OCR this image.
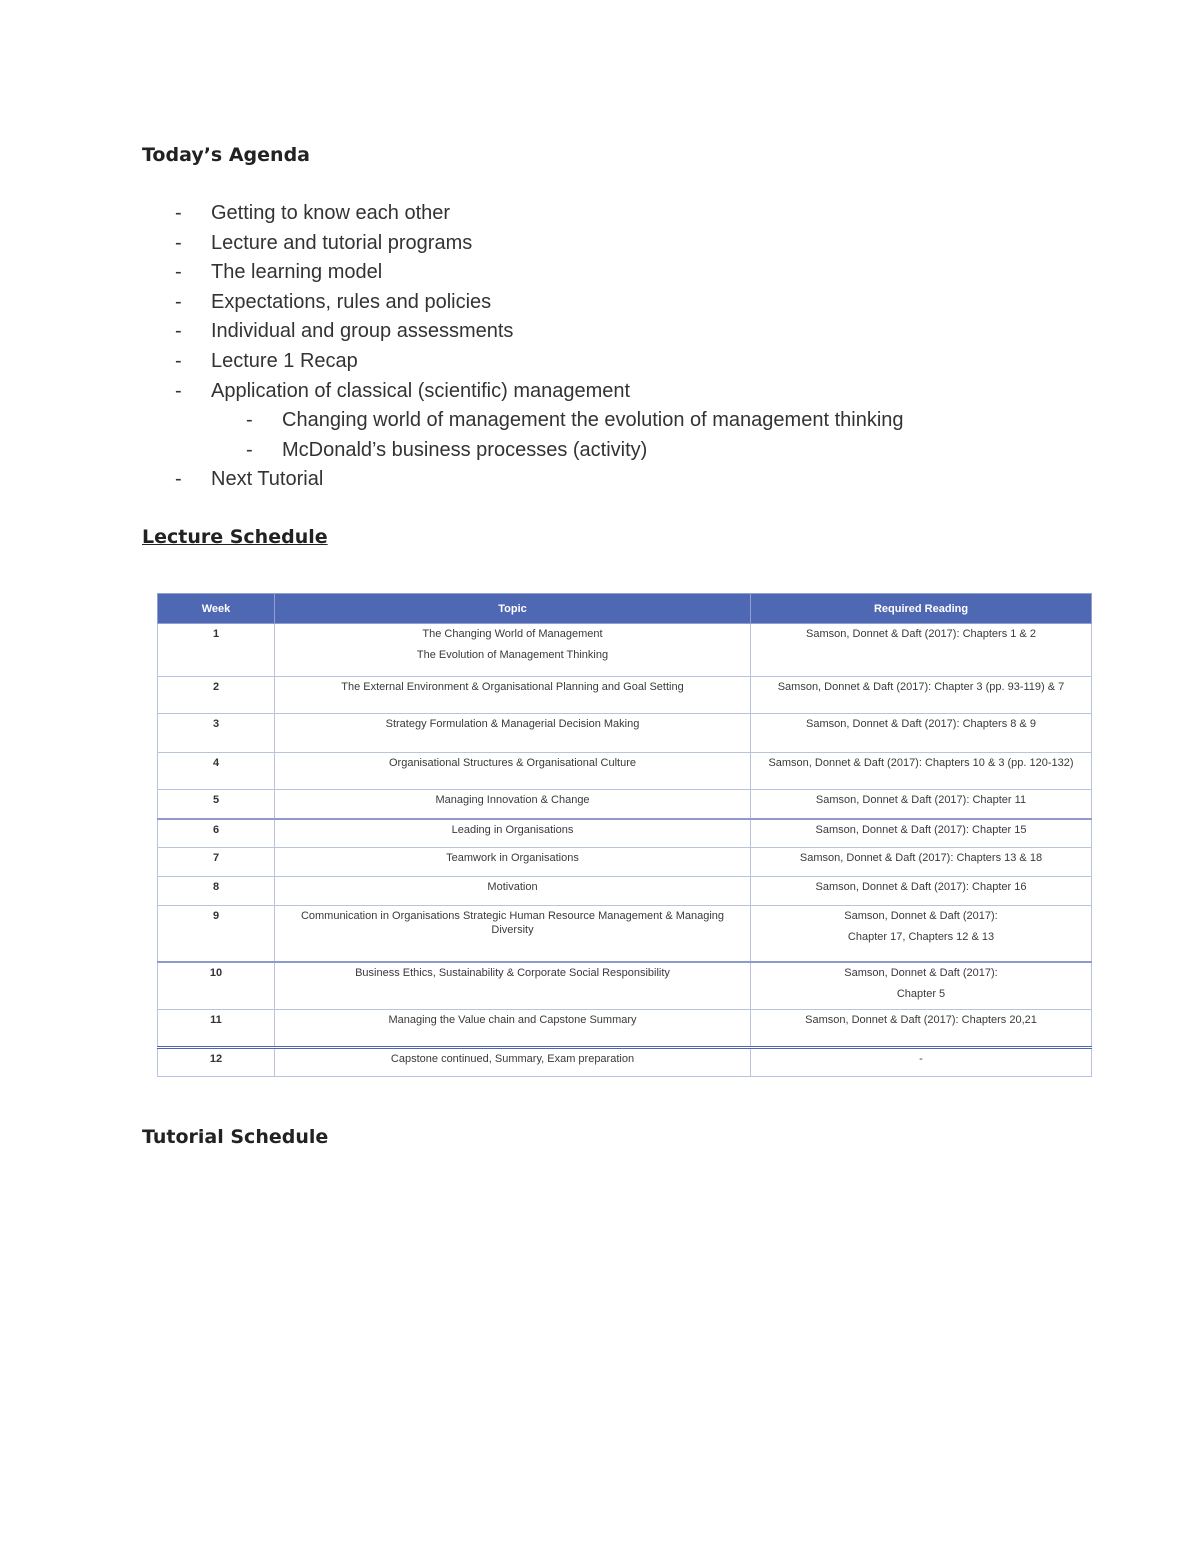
Today’s Agenda
- Getting to know each other
- Lecture and tutorial programs
- The learning model
- Expectations, rules and policies
- Individual and group assessments
- Lecture 1 Recap
- Application of classical (scientific) management
- Changing world of management the evolution of management thinking
- McDonald’s business processes (activity)
- Next Tutorial
Lecture Schedule
Week	Topic	Required Reading
1	The Changing World of Management
The Evolution of Management Thinking	Samson, Donnet & Daft (2017): Chapters 1 & 2
2	The External Environment & Organisational Planning and Goal Setting	Samson, Donnet & Daft (2017): Chapter 3 (pp. 93-119) & 7
3	Strategy Formulation & Managerial Decision Making	Samson, Donnet & Daft (2017): Chapters 8 & 9
4	Organisational Structures & Organisational Culture	Samson, Donnet & Daft (2017): Chapters 10 & 3 (pp. 120-132)
5	Managing Innovation & Change	Samson, Donnet & Daft (2017): Chapter 11
6	Leading in Organisations	Samson, Donnet & Daft (2017): Chapter 15
7	Teamwork in Organisations	Samson, Donnet & Daft (2017): Chapters 13 & 18
8	Motivation	Samson, Donnet & Daft (2017): Chapter 16
9	Communication in Organisations Strategic Human Resource Management & Managing Diversity	Samson, Donnet & Daft (2017):
Chapter 17, Chapters 12 & 13

10	Business Ethics, Sustainability & Corporate Social Responsibility	Samson, Donnet & Daft (2017):
Chapter 5

11	Managing the Value chain and Capstone Summary	Samson, Donnet & Daft (2017): Chapters 20,21
12	Capstone continued, Summary, Exam preparation	-
Tutorial Schedule
